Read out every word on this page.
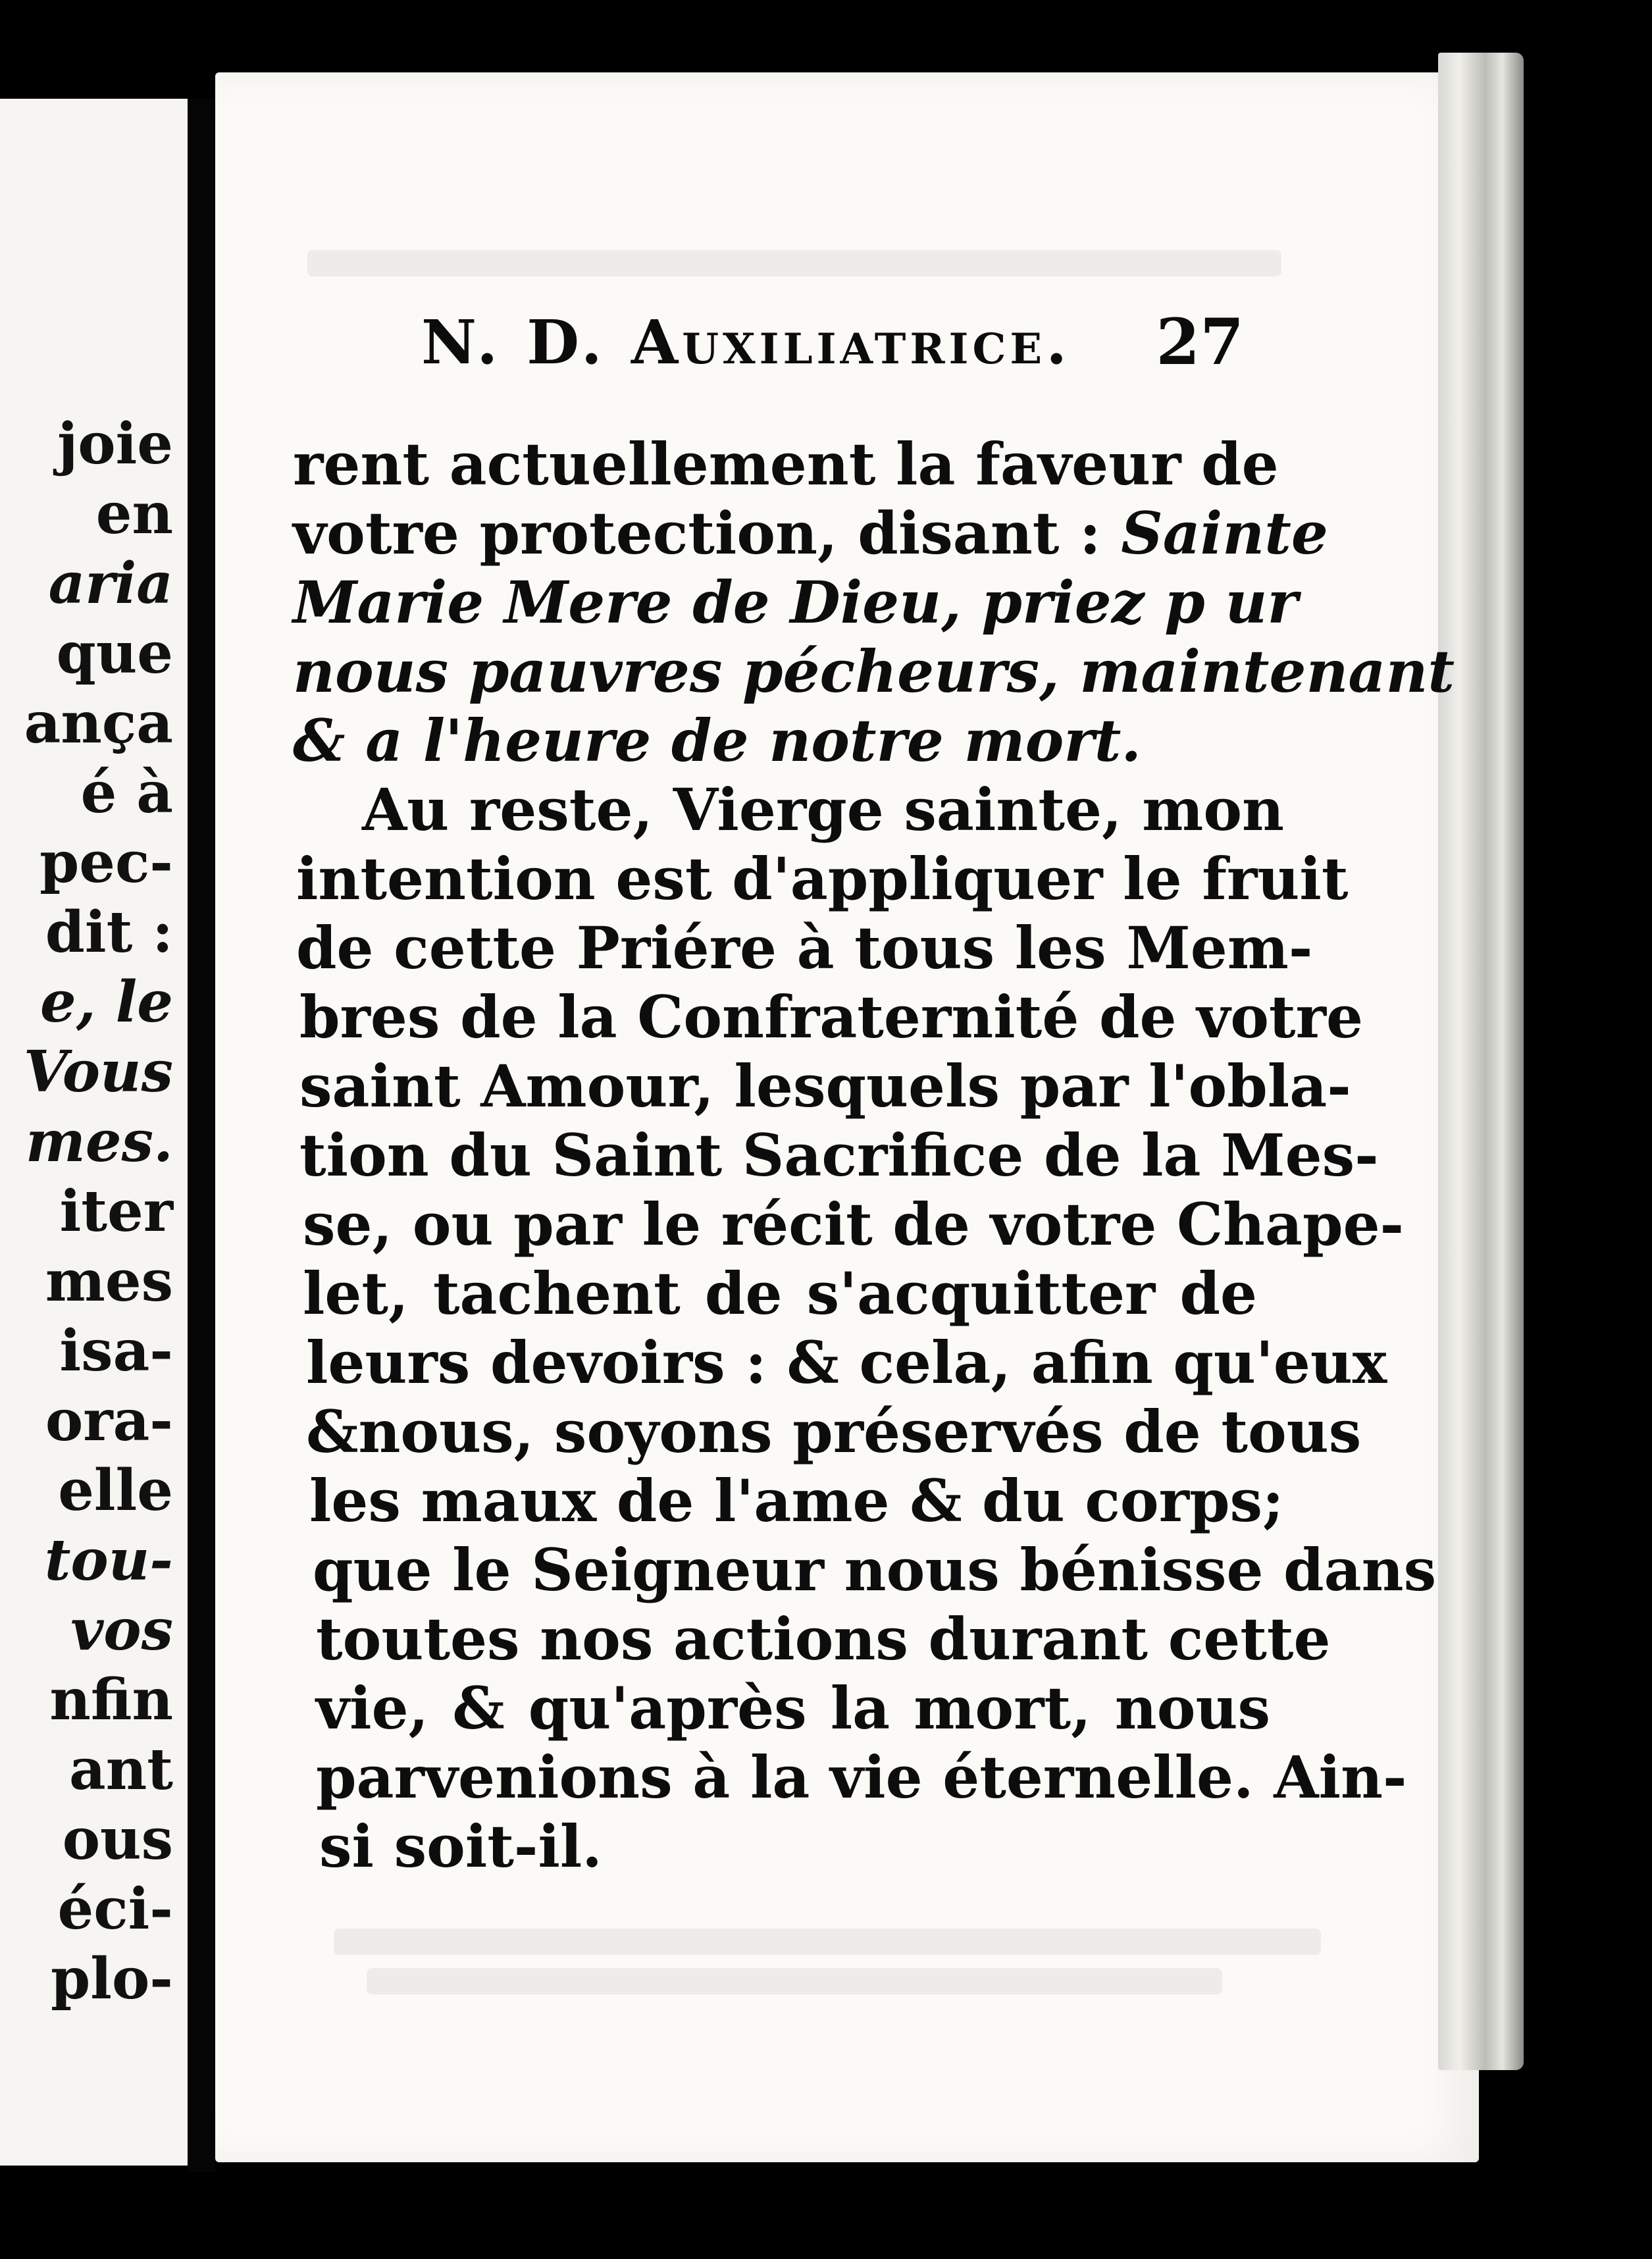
joie
en
aria
que
ança
é à
pec-
dit :
e, le
Vous
mes.
iter
mes
isa-
ora-
elle
tou-
vos
nfin
ant
ous
éci-
plo-
N. D. Auxiliatrice. 27
rent actuellement la faveur de
votre protection, disant : Sainte
Marie Mere de Dieu, priez p ur
nous pauvres pécheurs, maintenant
& a l'heure de notre mort.
Au reste, Vierge sainte, mon
intention est d'appliquer le fruit
de cette Priére à tous les Mem-
bres de la Confraternité de votre
saint Amour, lesquels par l'obla-
tion du Saint Sacrifice de la Mes-
se, ou par le récit de votre Chape-
let, tachent de s'acquitter de
leurs devoirs : & cela, afin qu'eux
&nous, soyons préservés de tous
les maux de l'ame & du corps;
que le Seigneur nous bénisse dans
toutes nos actions durant cette
vie, & qu'après la mort, nous
parvenions à la vie éternelle. Ain-
si soit-il.
